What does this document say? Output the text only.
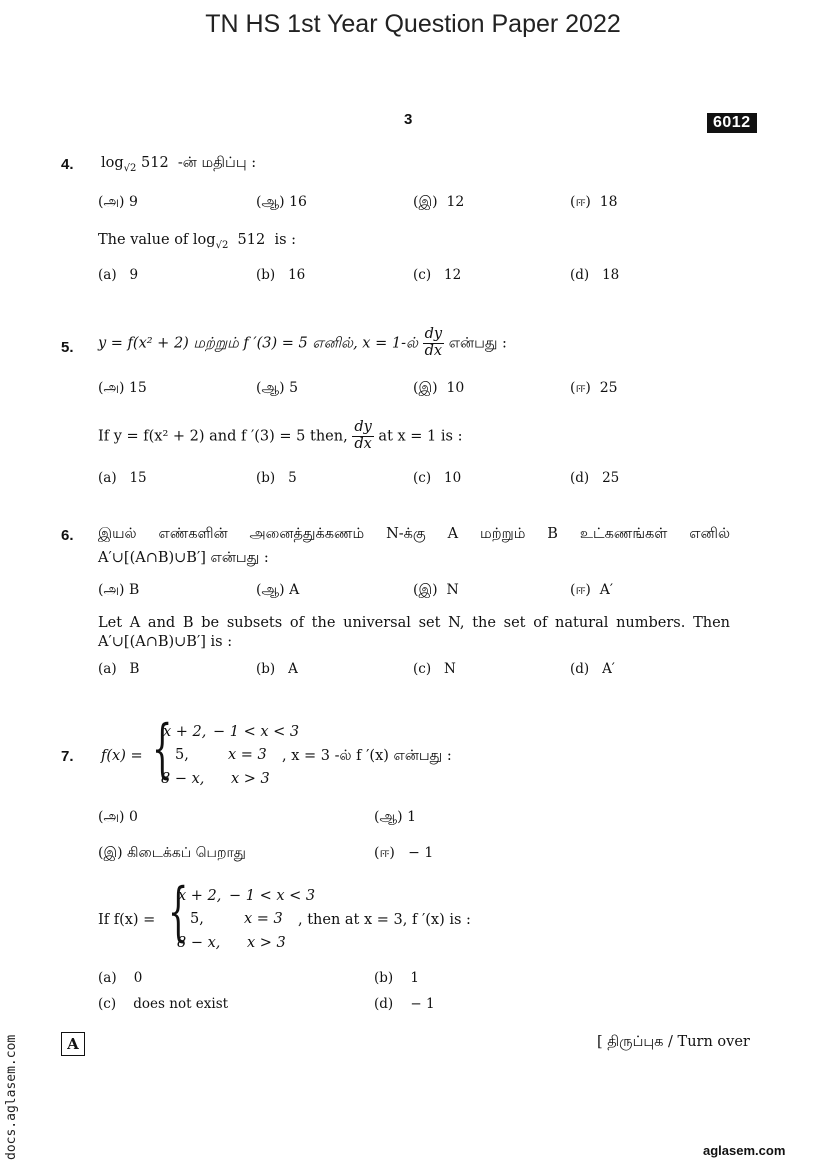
TN HS 1st Year Question Paper 2022
3	6012
4. $\log_{√2} 512$ -ன் மதிப்பு :
(அ) 9	(ஆ) 16	(இ) 12	(ஈ) 18
The value of $\log_{√2} 512$ is :
(a) 9	(b) 16	(c) 12	(d) 18
5. y = f(x² + 2) மற்றும் f ′(3) = 5 எனில், x = 1-ல் $\frac{dy}{dx}$ என்பது :
(அ) 15	(ஆ) 5	(இ) 10	(ஈ) 25
If y = f(x² + 2) and f ′(3) = 5 then, $\frac{dy}{dx}$ at x = 1 is :
(a) 15	(b) 5	(c) 10	(d) 25
6. இயல் எண்களின் அனைத்துக்கணம் N-க்கு A மற்றும் B உட்கணங்கள் எனில்
A′∪[(A∩B)∪B′] என்பது :
(அ) B	(ஆ) A	(இ) N	(ஈ) A′
Let A and B be subsets of the universal set N, the set of natural numbers. Then
A′∪[(A∩B)∪B′] is :
(a) B	(b) A	(c) N	(d) A′
7. f(x) = {
x + 2, − 1 < x < 3
5,	x = 3
8 − x, x > 3
, x = 3 -ல் f ′(x) என்பது :
(அ) 0	(ஆ) 1
(இ) கிடைக்கப் பெறாது	(ஈ) − 1
If f(x) = {
x + 2, − 1 < x < 3
5,	x = 3
8 − x, x > 3
, then at x = 3, f ′(x) is :
(a) 0	(b) 1
(c) does not exist	(d) − 1
A	[ திருப்புக / Turn over
docs.aglasem.com	aglasem.com
